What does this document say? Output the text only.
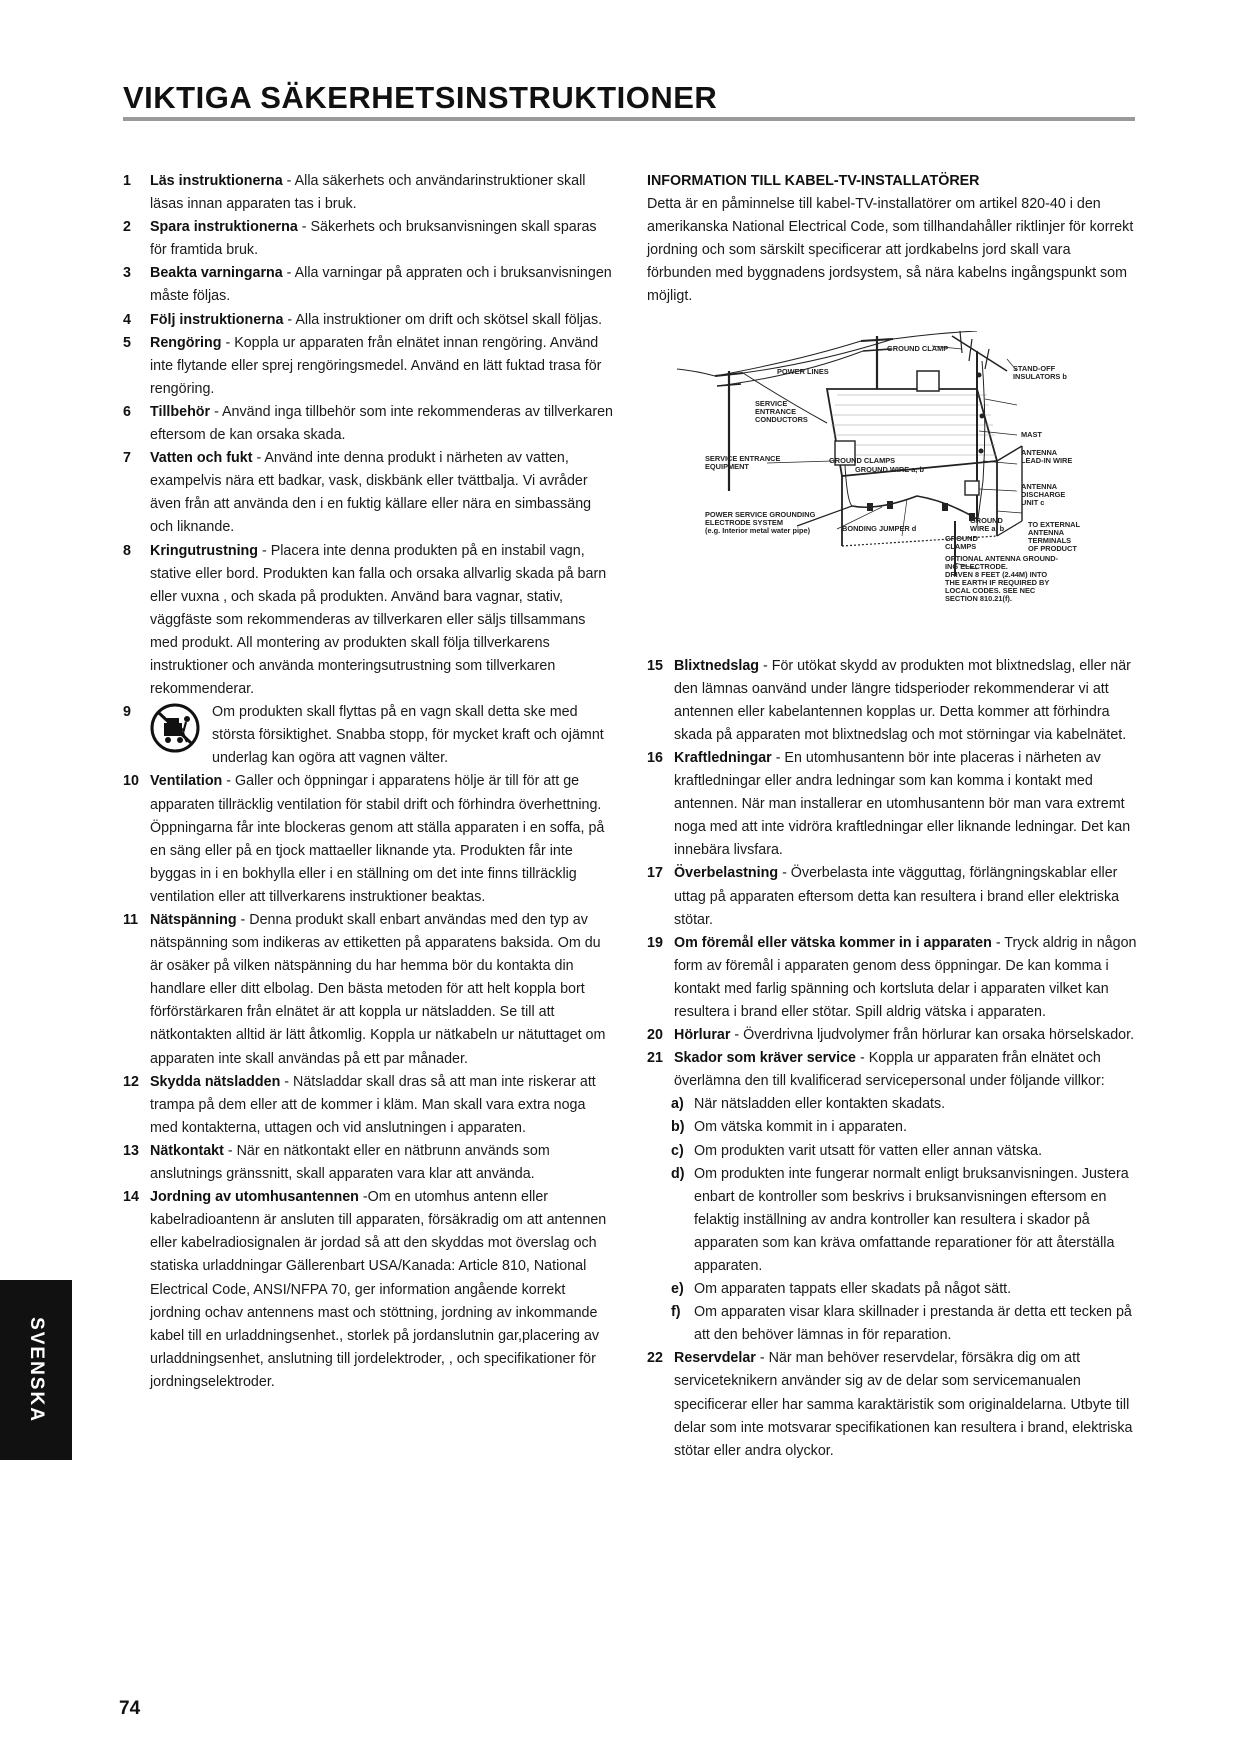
VIKTIGA SÄKERHETSINSTRUKTIONER
1 Läs instruktionerna - Alla säkerhets och användarinstruktioner skall läsas innan apparaten tas i bruk.
2 Spara instruktionerna - Säkerhets och bruksanvisningen skall sparas för framtida bruk.
3 Beakta varningarna - Alla varningar på appraten och i bruksanvisningen måste följas.
4 Följ instruktionerna - Alla instruktioner om drift och skötsel skall följas.
5 Rengöring - Koppla ur apparaten från elnätet innan rengöring. Använd inte flytande eller sprej rengöringsmedel. Använd en lätt fuktad trasa för rengöring.
6 Tillbehör - Använd inga tillbehör som inte rekommenderas av tillverkaren eftersom de kan orsaka skada.
7 Vatten och fukt - Använd inte denna produkt i närheten av vatten, exampelvis nära ett badkar, vask, diskbänk eller tvättbalja. Vi avråder även från att använda den i en fuktig källare eller nära en simbassäng och liknande.
8 Kringutrustning - Placera inte denna produkten på en instabil vagn, stative eller bord. Produkten kan falla och orsaka allvarlig skada på barn eller vuxna , och skada på produkten. Använd bara vagnar, stativ, väggfäste som rekommenderas av tillverkaren eller säljs tillsammans med produkt. All montering av produkten skall följa tillverkarens instruktioner och använda monteringsutrustning som tillverkaren rekommenderar.
9	Om produkten skall flyttas på en vagn skall detta ske med största försiktighet. Snabba stopp, för mycket kraft och ojämnt underlag kan ogöra att vagnen välter.
10 Ventilation - Galler och öppningar i apparatens hölje är till för att ge apparaten tillräcklig ventilation för stabil drift och förhindra överhettning. Öppningarna får inte blockeras genom att ställa apparaten i en soffa, på en säng eller på en tjock mattaeller liknande yta. Produkten får inte byggas in i en bokhylla eller i en ställning om det inte finns tillräcklig ventilation eller att tillverkarens instruktioner beaktas.
11 Nätspänning - Denna produkt skall enbart användas med den typ av nätspänning som indikeras av ettiketten på apparatens baksida. Om du är osäker på vilken nätspänning du har hemma bör du kontakta din handlare eller ditt elbolag. Den bästa metoden för att helt koppla bort förförstärkaren från elnätet är att koppla ur nätsladden. Se till att nätkontakten alltid är lätt åtkomlig. Koppla ur nätkabeln ur nätuttaget om apparaten inte skall användas på ett par månader.
12 Skydda nätsladden - Nätsladdar skall dras så att man inte riskerar att trampa på dem eller att de kommer i kläm. Man skall vara extra noga med kontakterna, uttagen och vid anslutningen i apparaten.
13 Nätkontakt - När en nätkontakt eller en nätbrunn används som anslutnings gränssnitt, skall apparaten vara klar att använda.
14 Jordning av utomhusantennen -Om en utomhus antenn eller kabelradioantenn är ansluten till apparaten, försäkradig om att antennen eller kabelradiosignalen är jordad så att den skyddas mot överslag och statiska urladdningar Gällerenbart USA/Kanada: Article 810, National Electrical Code, ANSI/NFPA 70, ger information angående korrekt jordning ochav antennens mast och stöttning, jordning av inkommande kabel till en urladdningsenhet., storlek på jordanslutnin gar,placering av urladdningsenhet, anslutning till jordelektroder, , och specifikationer för jordningselektroder.
INFORMATION TILL KABEL-TV-INSTALLATÖRER
Detta är en påminnelse till kabel-TV-installatörer om artikel 820-40 i den amerikanska National Electrical Code, som tillhandahåller riktlinjer för korrekt jordning och som särskilt specificerar att jordkabelns jord skall vara förbunden med byggnadens jordsystem, så nära kabelns ingångspunkt som möjligt.
GROUND CLAMP
STAND-OFF
INSULATORS b
POWER LINES
SERVICE
ENTRANCE
CONDUCTORS
MAST
ANTENNA
LEAD-IN WIRE
SERVICE ENTRANCE
EQUIPMENT
GROUND CLAMPS
GROUND WIRE a, b
ANTENNA
DISCHARGE
UNIT c
POWER SERVICE GROUNDING
ELECTRODE SYSTEM
(e.g. Interior metal water pipe)	BONDING JUMPER d
GROUND
WIRE a, b
GROUND
CLAMPS
TO EXTERNAL
ANTENNA
TERMINALS
OF PRODUCT
OPTIONAL ANTENNA GROUND-
ING ELECTRODE.
DRIVEN 8 FEET (2.44M) INTO
THE EARTH IF REQUIRED BY
LOCAL CODES. SEE NEC
SECTION 810.21(f).
15 Blixtnedslag - För utökat skydd av produkten mot blixtnedslag, eller när den lämnas oanvänd under längre tidsperioder rekommenderar vi att antennen eller kabelantennen kopplas ur. Detta kommer att förhindra skada på apparaten mot blixtnedslag och mot störningar via kabelnätet.
16 Kraftledningar - En utomhusantenn bör inte placeras i närheten av kraftledningar eller andra ledningar som kan komma i kontakt med antennen. När man installerar en utomhusantenn bör man vara extremt noga med att inte vidröra kraftledningar eller liknande ledningar. Det kan innebära livsfara.
17 Överbelastning - Överbelasta inte vägguttag, förlängningskablar eller uttag på apparaten eftersom detta kan resultera i brand eller elektriska stötar.
19 Om föremål eller vätska kommer in i apparaten - Tryck aldrig in någon form av föremål i apparaten genom dess öppningar. De kan komma i kontakt med farlig spänning och kortsluta delar i apparaten vilket kan resultera i brand eller stötar. Spill aldrig vätska i apparaten.
20 Hörlurar - Överdrivna ljudvolymer från hörlurar kan orsaka hörselskador.
21 Skador som kräver service - Koppla ur apparaten från elnätet och överlämna den till kvalificerad servicepersonal under följande villkor:
a) När nätsladden eller kontakten skadats.
b) Om vätska kommit in i apparaten.
c) Om produkten varit utsatt för vatten eller annan vätska.
d) Om produkten inte fungerar normalt enligt bruksanvisningen. Justera enbart de kontroller som beskrivs i bruksanvisningen eftersom en felaktig inställning av andra kontroller kan resultera i skador på apparaten som kan kräva omfattande reparationer för att återställa apparaten.
e) Om apparaten tappats eller skadats på något sätt.
f) Om apparaten visar klara skillnader i prestanda är detta ett tecken på att den behöver lämnas in för reparation.
22 Reservdelar - När man behöver reservdelar, försäkra dig om att serviceteknikern använder sig av de delar som servicemanualen specificerar eller har samma karaktäristik som originaldelarna. Utbyte till delar som inte motsvarar specifikationen kan resultera i brand, elektriska stötar eller andra olyckor.
SVENSKA
74
